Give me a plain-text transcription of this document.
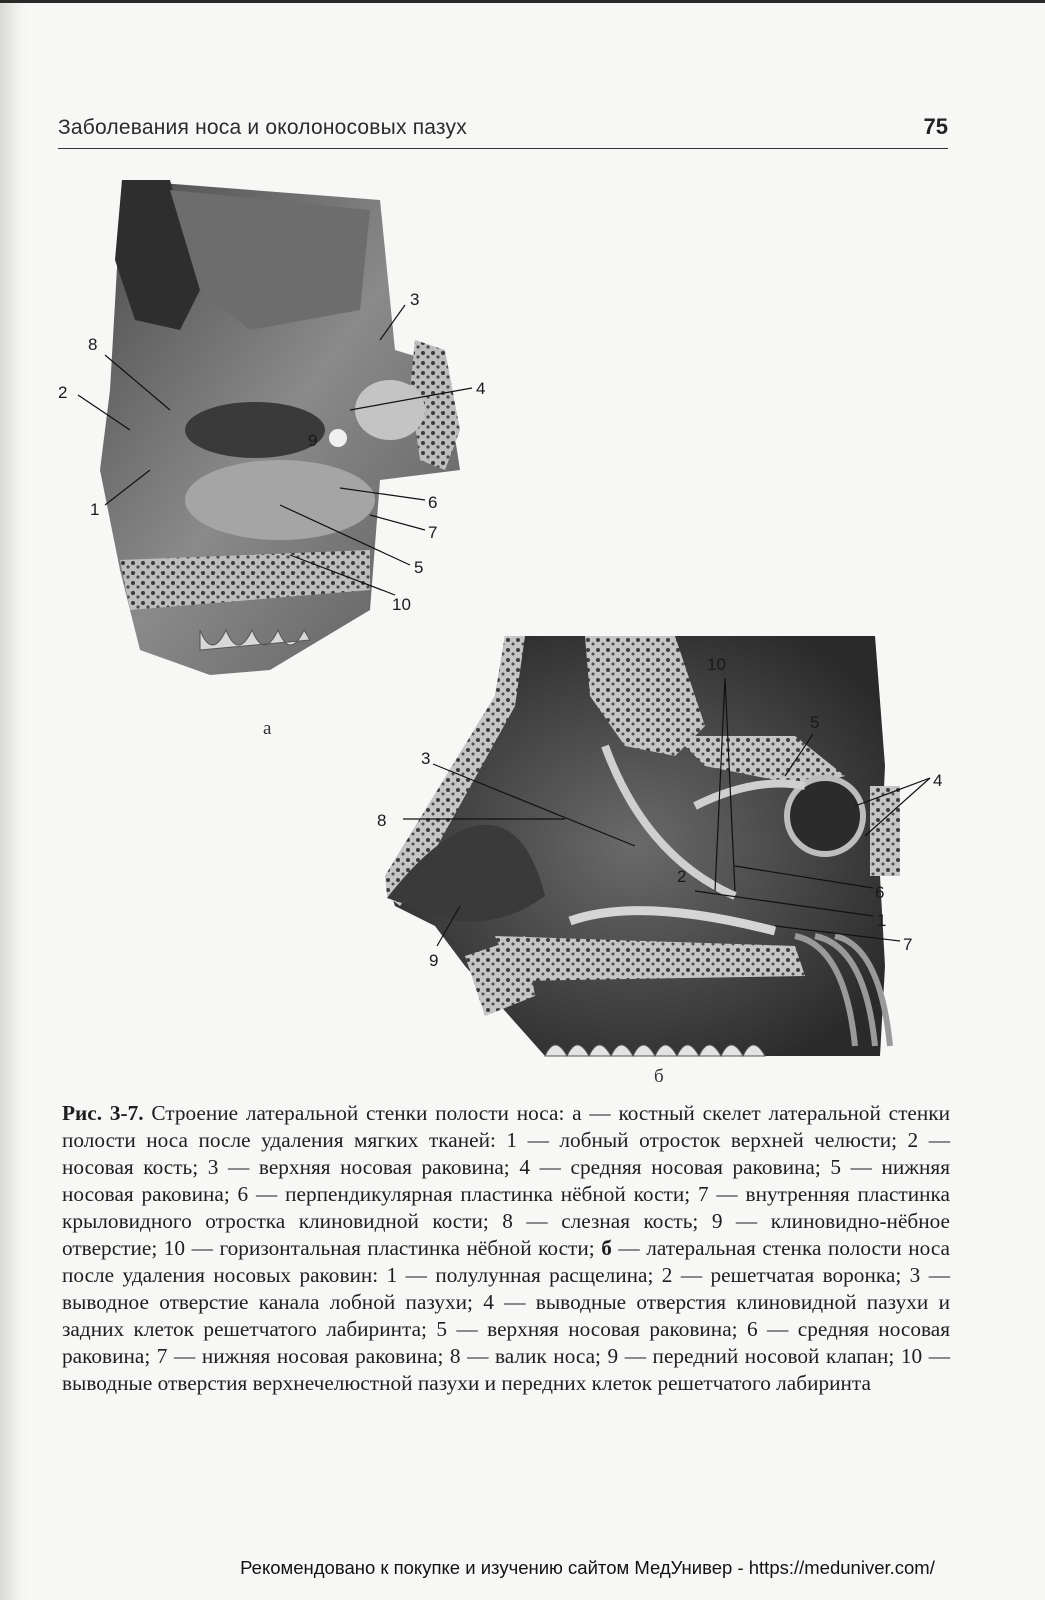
Заболевания носа и околоносовых пазух	75
8
2
1
3
4
9
6
7
5
10
а
10
5
4
3
8
2
6
1
7
9
б
Рис. 3-7. Строение латеральной стенки полости носа: а — костный скелет латеральной стенки полости носа после удаления мягких тканей: 1 — лобный отросток верхней челюсти; 2 — носовая кость; 3 — верхняя носовая раковина; 4 — средняя носовая раковина; 5 — нижняя носовая раковина; 6 — перпендикулярная пластинка нёбной кости; 7 — внутренняя пластинка крыловидного отростка клиновидной кости; 8 — слезная кость; 9 — клиновидно-нёбное отверстие; 10 — горизонтальная пластинка нёбной кости; б — латеральная стенка полости носа после удаления носовых раковин: 1 — полулунная расщелина; 2 — решетчатая воронка; 3 — выводное отверстие канала лобной пазухи; 4 — выводные отверстия клиновидной пазухи и задних клеток решетчатого лабиринта; 5 — верхняя носовая раковина; 6 — средняя носовая раковина; 7 — нижняя носовая раковина; 8 — валик носа; 9 — передний носовой клапан; 10 — выводные отверстия верхнечелюстной пазухи и передних клеток решетчатого лабиринта
Рекомендовано к покупке и изучению сайтом МедУнивер - https://meduniver.com/
